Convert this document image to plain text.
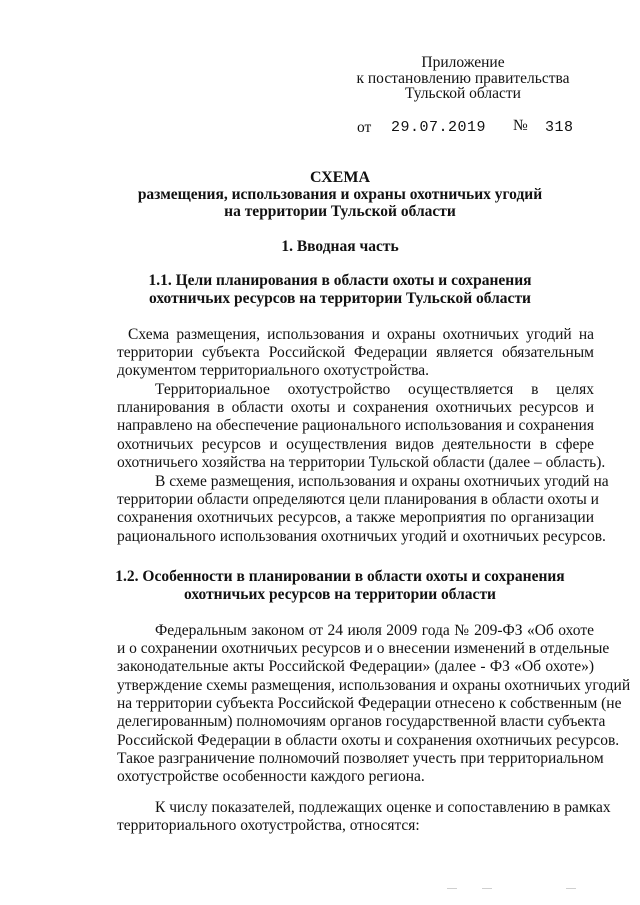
Приложение
к постановлению правительства
Тульской области
от 29.07.2019 № 318
СХЕМА
размещения, использования и охраны охотничьих угодий
на территории Тульской области
1. Вводная часть
1.1. Цели планирования в области охоты и сохранения
охотничьих ресурсов на территории Тульской области
Схема размещения, использования и охраны охотничьих угодий на
территории субъекта Российской Федерации является обязательным
документом территориального охотустройства.
Территориальное охотустройство осуществляется в целях
планирования в области охоты и сохранения охотничьих ресурсов и
направлено на обеспечение рационального использования и сохранения
охотничьих ресурсов и осуществления видов деятельности в сфере
охотничьего хозяйства на территории Тульской области (далее – область).
В схеме размещения, использования и охраны охотничьих угодий на
территории области определяются цели планирования в области охоты и
сохранения охотничьих ресурсов, а также мероприятия по организации
рационального использования охотничьих угодий и охотничьих ресурсов.
1.2. Особенности в планировании в области охоты и сохранения
охотничьих ресурсов на территории области
Федеральным законом от 24 июля 2009 года № 209-ФЗ «Об охоте
и о сохранении охотничьих ресурсов и о внесении изменений в отдельные
законодательные акты Российской Федерации» (далее - ФЗ «Об охоте»)
утверждение схемы размещения, использования и охраны охотничьих угодий
на территории субъекта Российской Федерации отнесено к собственным (не
делегированным) полномочиям органов государственной власти субъекта
Российской Федерации в области охоты и сохранения охотничьих ресурсов.
Такое разграничение полномочий позволяет учесть при территориальном
охотустройстве особенности каждого региона.
К числу показателей, подлежащих оценке и сопоставлению в рамках
территориального охотустройства, относятся:
